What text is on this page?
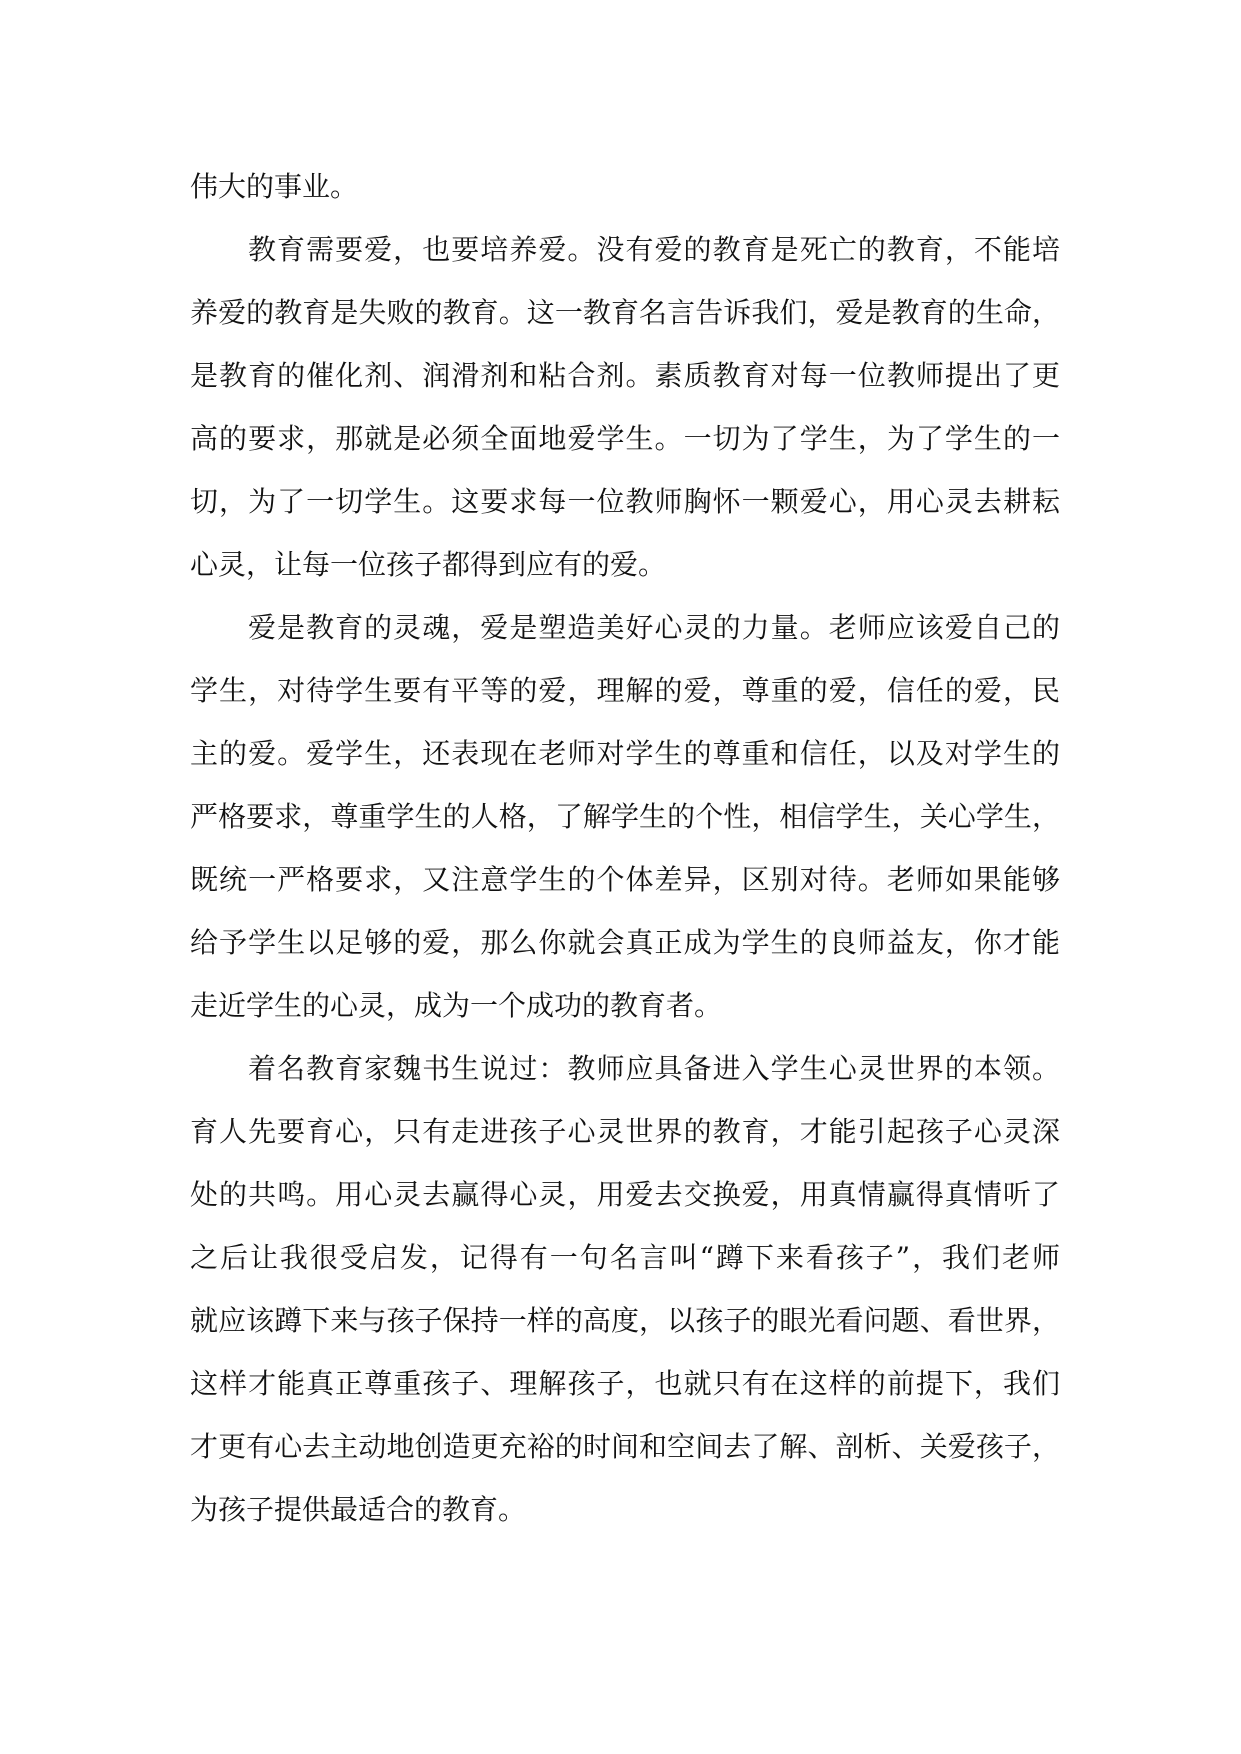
伟大的事业。
教育需要爱，也要培养爱。没有爱的教育是死亡的教育，不能培
养爱的教育是失败的教育。这一教育名言告诉我们，爱是教育的生命，
是教育的催化剂、润滑剂和粘合剂。素质教育对每一位教师提出了更
高的要求，那就是必须全面地爱学生。一切为了学生，为了学生的一
切，为了一切学生。这要求每一位教师胸怀一颗爱心，用心灵去耕耘
心灵，让每一位孩子都得到应有的爱。
爱是教育的灵魂，爱是塑造美好心灵的力量。老师应该爱自己的
学生，对待学生要有平等的爱，理解的爱，尊重的爱，信任的爱，民
主的爱。爱学生，还表现在老师对学生的尊重和信任，以及对学生的
严格要求，尊重学生的人格，了解学生的个性，相信学生，关心学生，
既统一严格要求，又注意学生的个体差异，区别对待。老师如果能够
给予学生以足够的爱，那么你就会真正成为学生的良师益友，你才能
走近学生的心灵，成为一个成功的教育者。
着名教育家魏书生说过：教师应具备进入学生心灵世界的本领。
育人先要育心，只有走进孩子心灵世界的教育，才能引起孩子心灵深
处的共鸣。用心灵去赢得心灵，用爱去交换爱，用真情赢得真情听了
之后让我很受启发，记得有一句名言叫“蹲下来看孩子”，我们老师
就应该蹲下来与孩子保持一样的高度，以孩子的眼光看问题、看世界，
这样才能真正尊重孩子、理解孩子，也就只有在这样的前提下，我们
才更有心去主动地创造更充裕的时间和空间去了解、剖析、关爱孩子，
为孩子提供最适合的教育。
